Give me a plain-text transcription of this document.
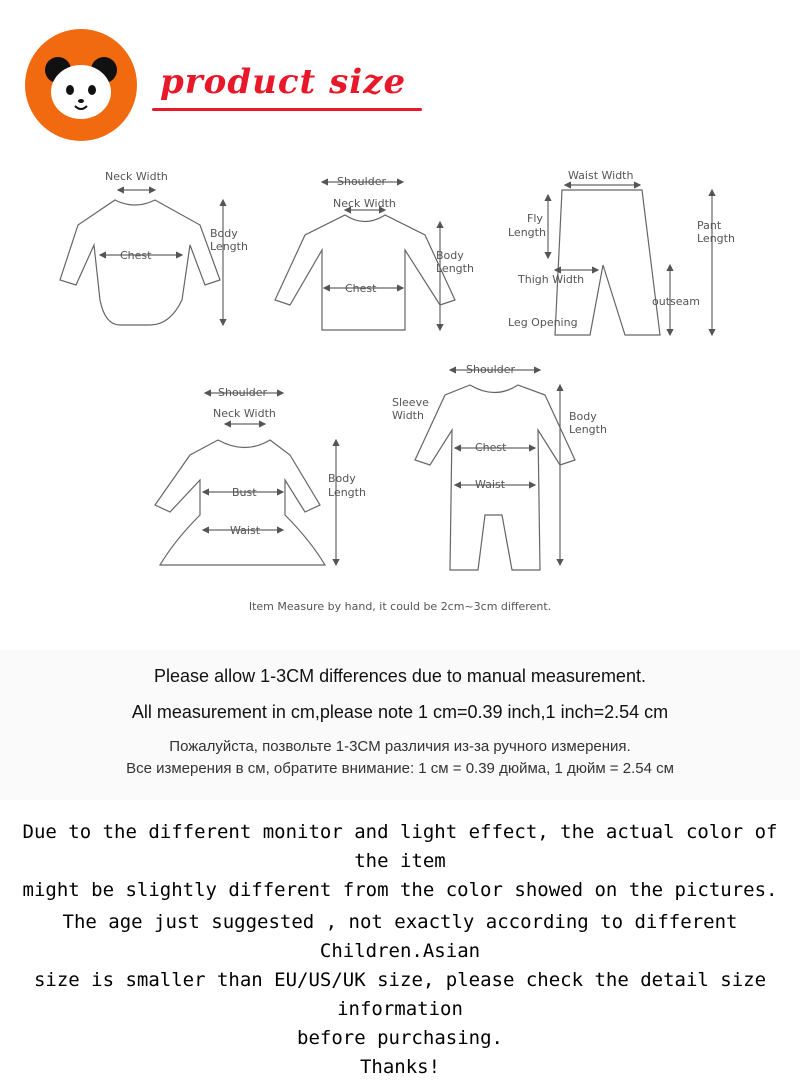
product size
Neck Width
Chest
Body
Length
Shoulder
Neck Width
Chest
Body
Length
Waist Width
Fly
Length
Pant
Length
Thigh Width
outseam
Leg Opening
Shoulder
Neck Width
Bust
Waist
Body
Length
Shoulder
Sleeve
Width
Chest
Waist
Body
Length
Item Measure by hand, it could be 2cm~3cm different.
Please allow 1-3CM differences due to manual measurement.
All measurement in cm,please note 1 cm=0.39 inch,1 inch=2.54 cm
Пожалуйста, позвольте 1-3CM различия из-за ручного измерения.
Все измерения в см, обратите внимание: 1 см = 0.39 дюйма, 1 дюйм = 2.54 см
Due to the different monitor and light effect, the actual color of the item
might be slightly different from the color showed on the pictures.
The age just suggested , not exactly according to different Children.Asian
size is smaller than EU/US/UK size, please check the detail size information
before purchasing.
Thanks!
